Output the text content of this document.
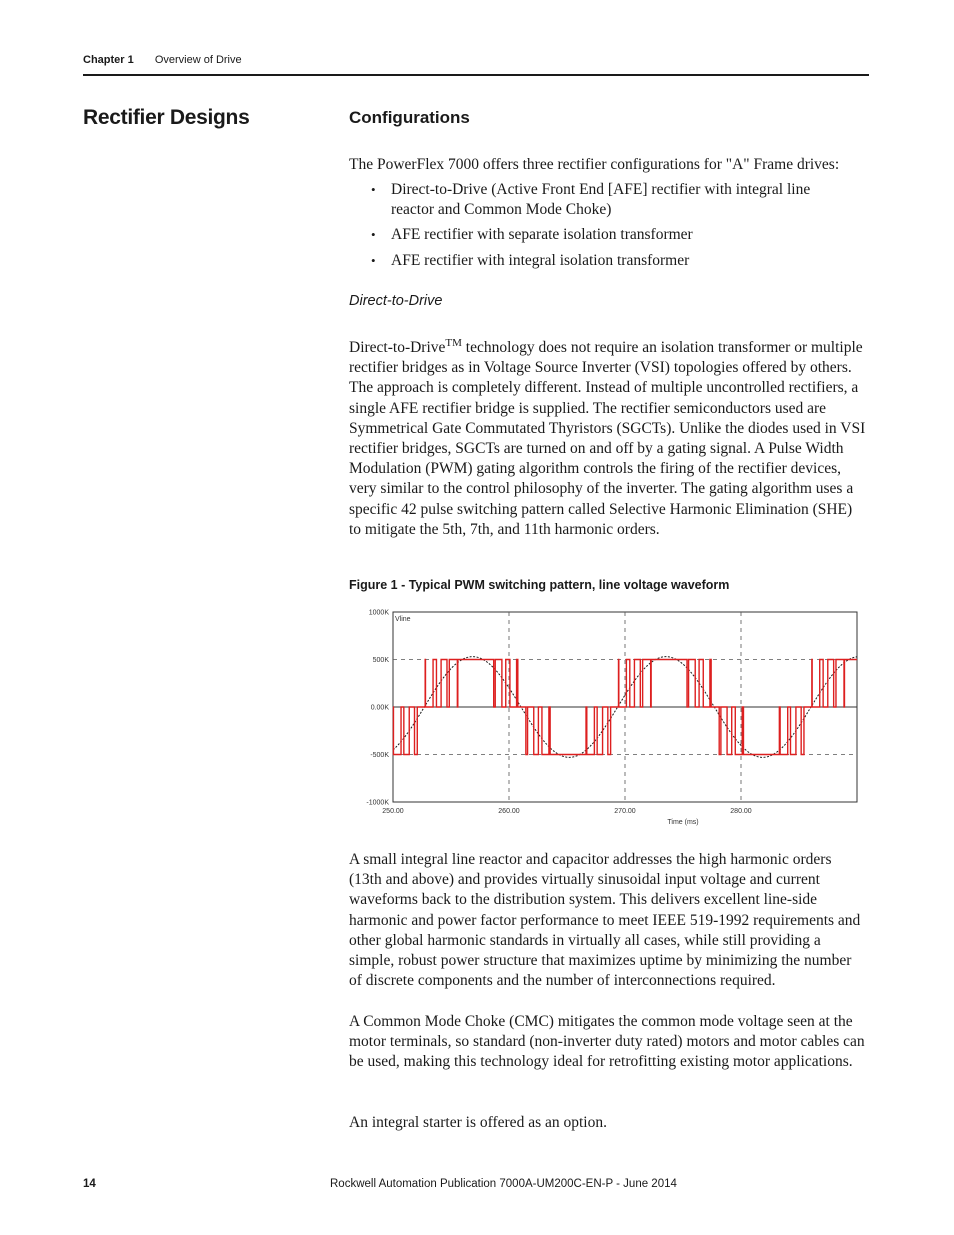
Chapter 1 Overview of Drive
Rectifier Designs	Configurations
The PowerFlex 7000 offers three rectifier configurations for "A" Frame drives:
• Direct-to-Drive (Active Front End [AFE] rectifier with integral line reactor and Common Mode Choke)
• AFE rectifier with separate isolation transformer
• AFE rectifier with integral isolation transformer
Direct-to-Drive
Direct-to-Drive™ technology does not require an isolation transformer or multiple rectifier bridges as in Voltage Source Inverter (VSI) topologies offered by others. The approach is completely different. Instead of multiple uncontrolled rectifiers, a single AFE rectifier bridge is supplied. The rectifier semiconductors used are Symmetrical Gate Commutated Thyristors (SGCTs). Unlike the diodes used in VSI rectifier bridges, SGCTs are turned on and off by a gating signal. A Pulse Width Modulation (PWM) gating algorithm controls the firing of the rectifier devices, very similar to the control philosophy of the inverter. The gating algorithm uses a specific 42 pulse switching pattern called Selective Harmonic Elimination (SHE) to mitigate the 5th, 7th, and 11th harmonic orders.
Figure 1 - Typical PWM switching pattern, line voltage waveform
1000K
500K
0.00K
-500K
-1000K
250.00	260.00	270.00	280.00
Vline
Time (ms)
A small integral line reactor and capacitor addresses the high harmonic orders (13th and above) and provides virtually sinusoidal input voltage and current waveforms back to the distribution system. This delivers excellent line-side harmonic and power factor performance to meet IEEE 519-1992 requirements and other global harmonic standards in virtually all cases, while still providing a simple, robust power structure that maximizes uptime by minimizing the number of discrete components and the number of interconnections required.
A Common Mode Choke (CMC) mitigates the common mode voltage seen at the motor terminals, so standard (non-inverter duty rated) motors and motor cables can be used, making this technology ideal for retrofitting existing motor applications.
An integral starter is offered as an option.
14	Rockwell Automation Publication 7000A-UM200C-EN-P - June 2014
